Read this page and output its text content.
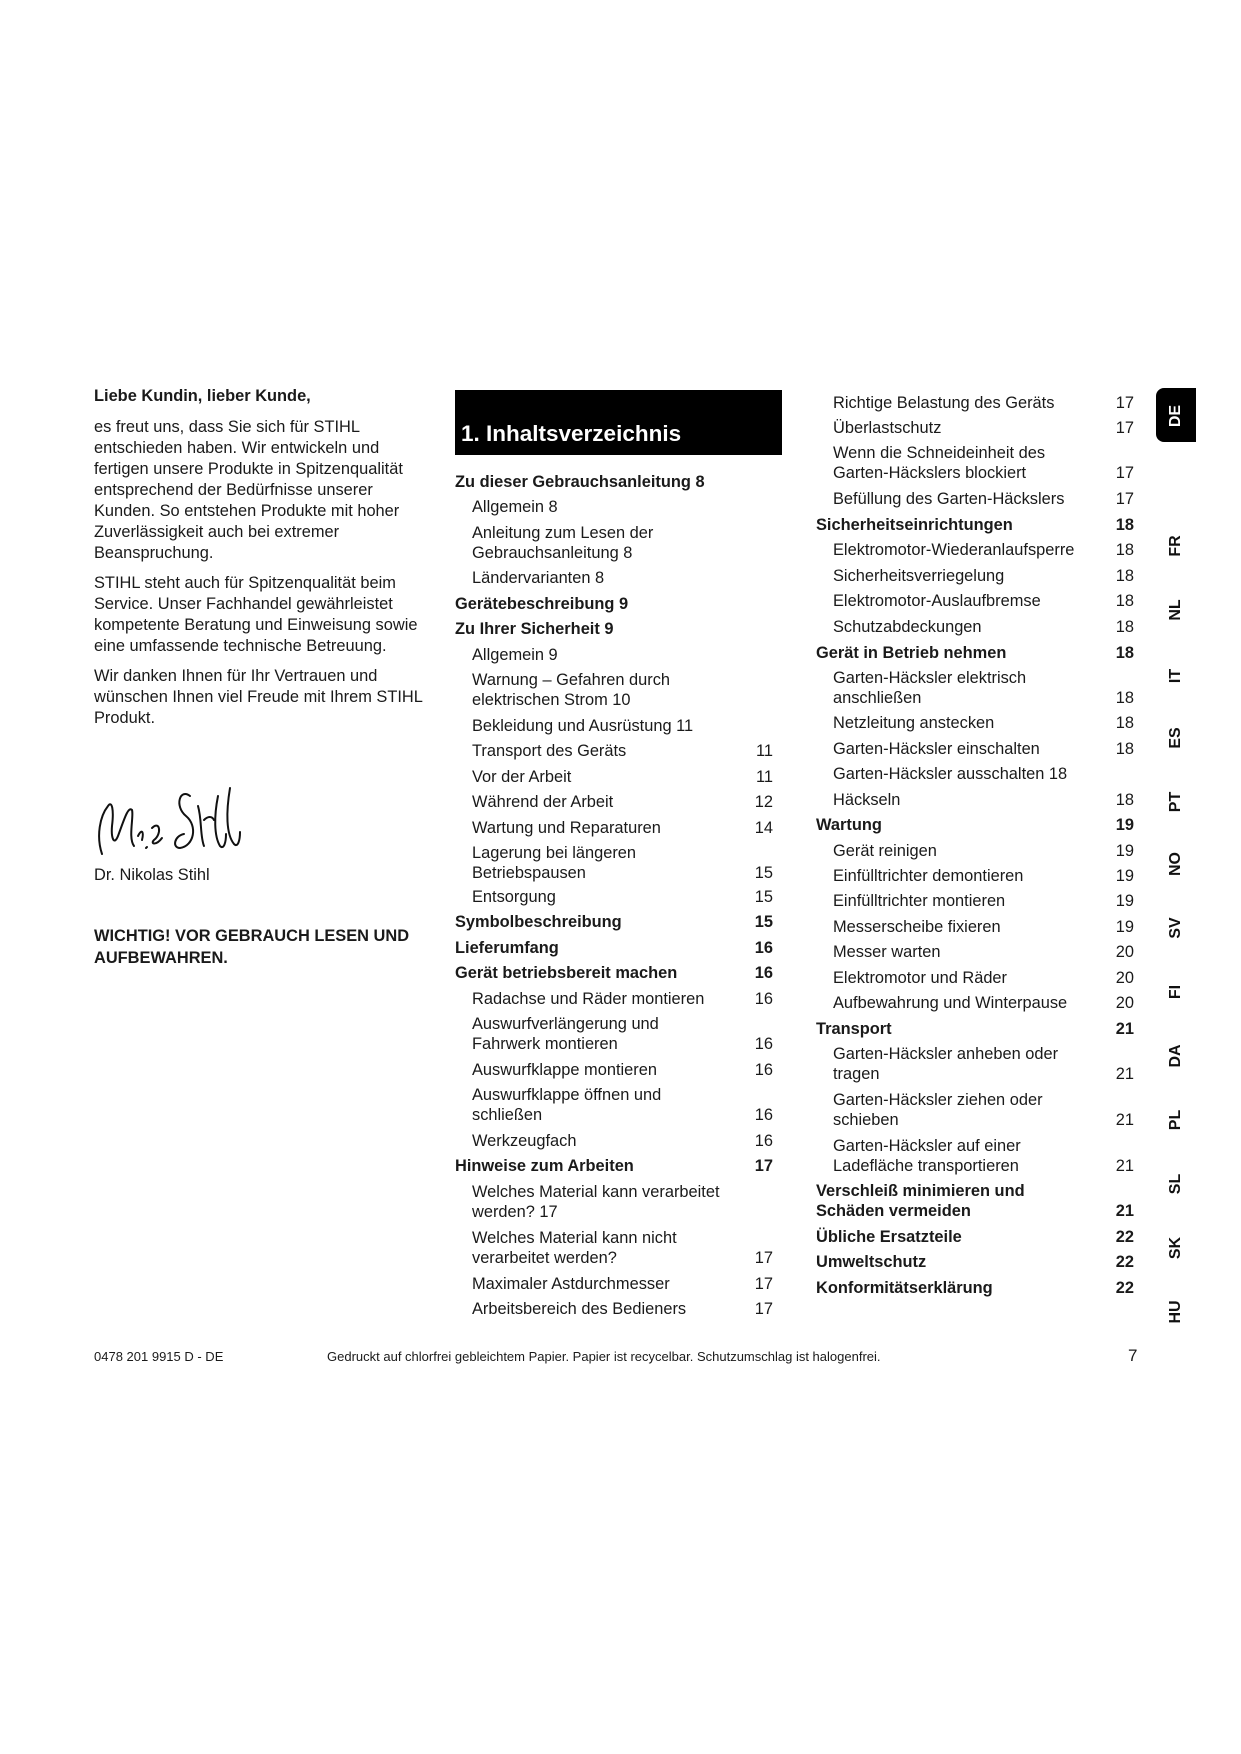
Liebe Kundin, lieber Kunde,

es freut uns, dass Sie sich für STIHL entschieden haben. Wir entwickeln und fertigen unsere Produkte in Spitzenqualität entsprechend der Bedürfnisse unserer Kunden. So entstehen Produkte mit hoher Zuverlässigkeit auch bei extremer Beanspruchung.

STIHL steht auch für Spitzenqualität beim Service. Unser Fachhandel gewährleistet kompetente Beratung und Einweisung sowie eine umfassende technische Betreuung.

Wir danken Ihnen für Ihr Vertrauen und wünschen Ihnen viel Freude mit Ihrem STIHL Produkt.

Dr. Nikolas Stihl
WICHTIG! VOR GEBRAUCH LESEN UND AUFBEWAHREN.
1. Inhaltsverzeichnis
Zu dieser Gebrauchsanleitung 8
Allgemein 8
Anleitung zum Lesen der
Gebrauchsanleitung 8
Ländervarianten 8
Gerätebeschreibung 9
Zu Ihrer Sicherheit 9
Allgemein 9
Warnung – Gefahren durch
elektrischen Strom 10
Bekleidung und Ausrüstung 11
Transport des Geräts	11
Vor der Arbeit	11
Während der Arbeit	12
Wartung und Reparaturen	14
Lagerung bei längeren
Betriebspausen	15
Entsorgung	15
Symbolbeschreibung	15
Lieferumfang	16
Gerät betriebsbereit machen	16
Radachse und Räder montieren	16
Auswurfverlängerung und
Fahrwerk montieren	16
Auswurfklappe montieren	16
Auswurfklappe öffnen und
schließen	16
Werkzeugfach	16
Hinweise zum Arbeiten	17
Welches Material kann verarbeitet
werden? 17
Welches Material kann nicht
verarbeitet werden?	17
Maximaler Astdurchmesser	17
Arbeitsbereich des Bedieners	17
Richtige Belastung des Geräts	17
Überlastschutz	17
Wenn die Schneideinheit des
Garten-Häckslers blockiert	17
Befüllung des Garten-Häckslers	17
Sicherheitseinrichtungen	18
Elektromotor-Wiederanlaufsperre	18
Sicherheitsverriegelung	18
Elektromotor-Auslaufbremse	18
Schutzabdeckungen	18
Gerät in Betrieb nehmen	18
Garten-Häcksler elektrisch
anschließen	18
Netzleitung anstecken	18
Garten-Häcksler einschalten	18
Garten-Häcksler ausschalten 18
Häckseln	18
Wartung	19
Gerät reinigen	19
Einfülltrichter demontieren	19
Einfülltrichter montieren	19
Messerscheibe fixieren	19
Messer warten	20
Elektromotor und Räder	20
Aufbewahrung und Winterpause	20
Transport	21
Garten-Häcksler anheben oder
tragen	21
Garten-Häcksler ziehen oder
schieben	21
Garten-Häcksler auf einer
Ladefläche transportieren	21
Verschleiß minimieren und
Schäden vermeiden	21
Übliche Ersatzteile	22
Umweltschutz	22
Konformitätserklärung	22
DE
FR
NL
IT
ES
PT
NO
SV
FI
DA
PL
SL
SK
HU
0478 201 9915 D - DE	Gedruckt auf chlorfrei gebleichtem Papier. Papier ist recycelbar. Schutzumschlag ist halogenfrei.	7
